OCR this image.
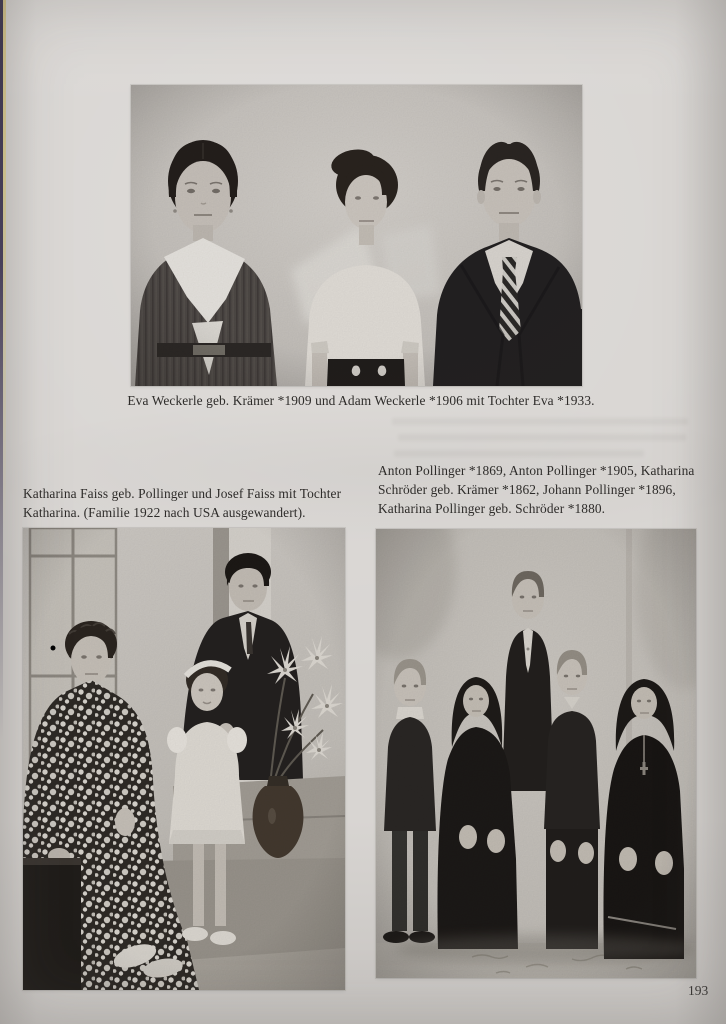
Eva Weckerle geb. Krämer *1909 und Adam Weckerle *1906 mit Tochter Eva *1933.
Katharina Faiss geb. Pollinger und Josef Faiss mit Tochter Katharina. (Familie 1922 nach USA ausgewandert).
Anton Pollinger *1869, Anton Pollinger *1905, Katharina Schröder geb. Krämer *1862, Johann Pollinger *1896, Katharina Pollinger geb. Schröder *1880.
193
